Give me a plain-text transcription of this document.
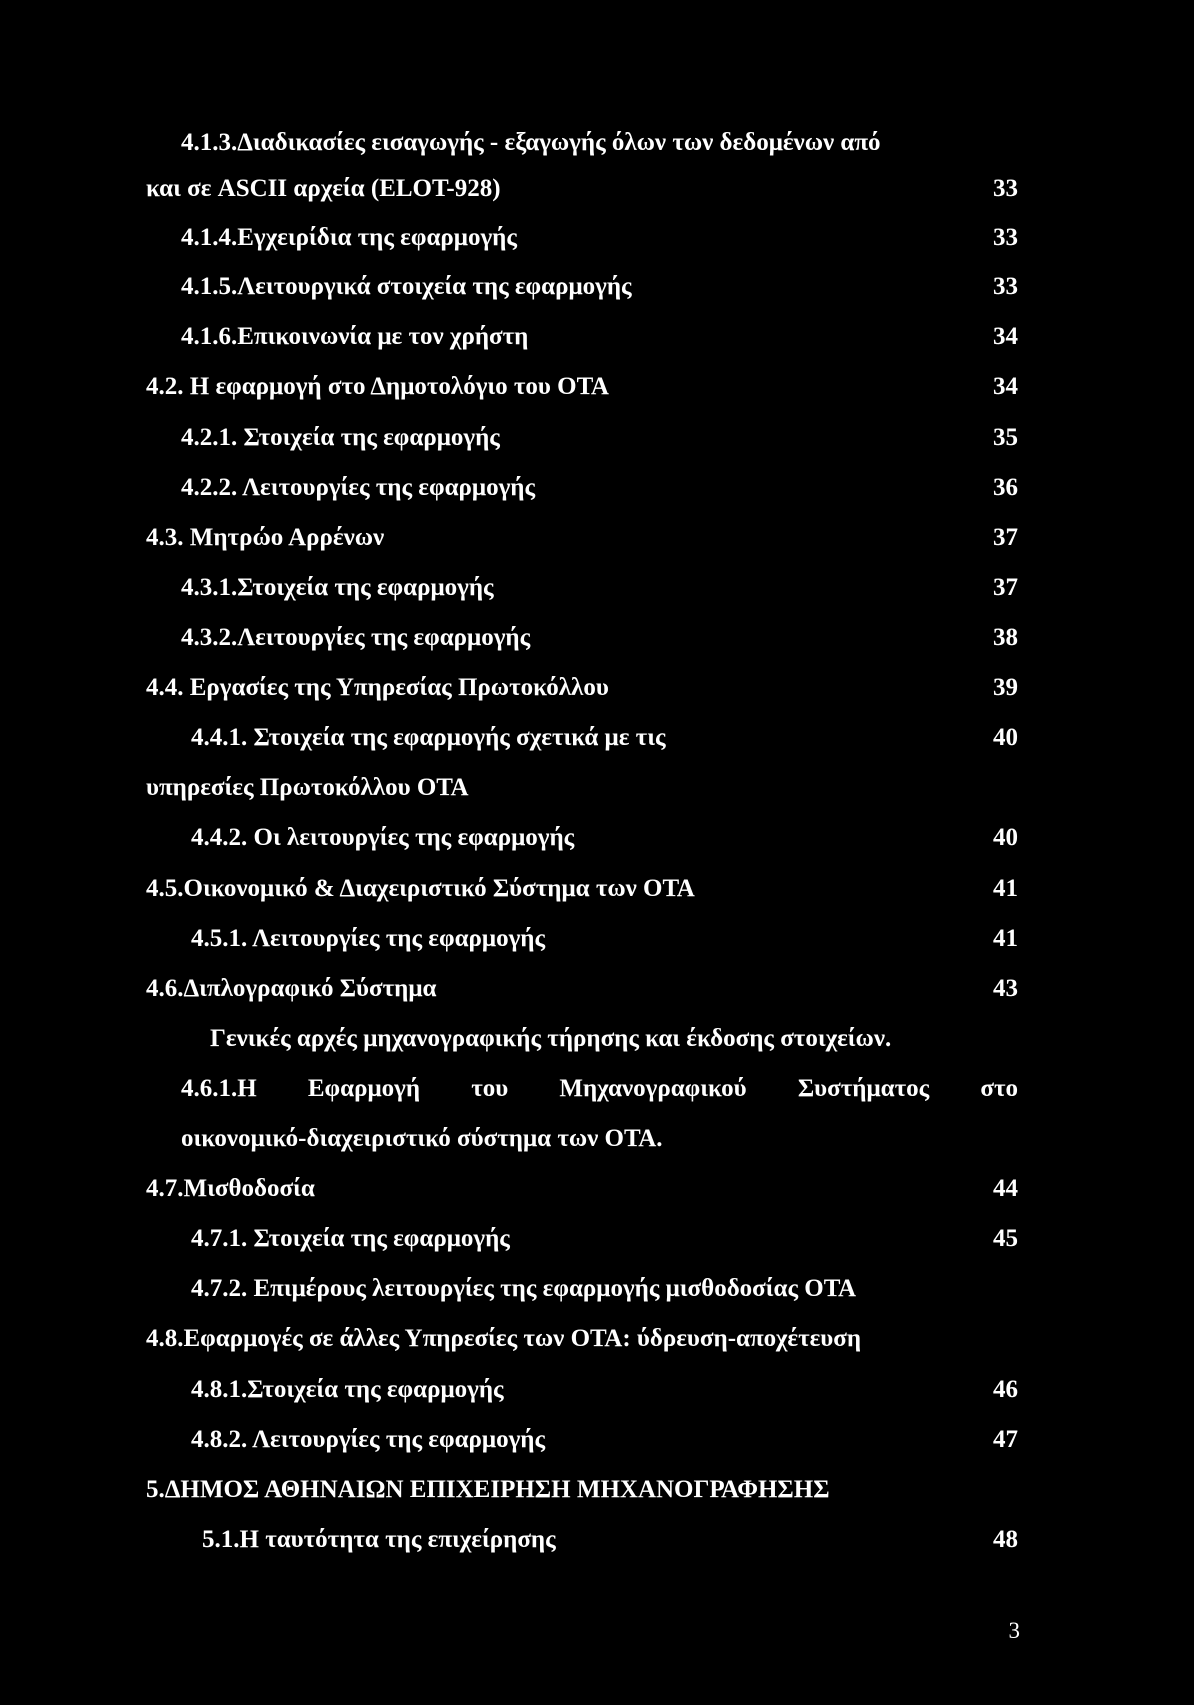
4.1.3.Διαδικασίες εισαγωγής - εξαγωγής όλων των δεδομένων από
και σε ASCII αρχεία (ELOT-928)	33
4.1.4.Εγχειρίδια της εφαρμογής	33
4.1.5.Λειτουργικά στοιχεία της εφαρμογής	33
4.1.6.Επικοινωνία με τον χρήστη	34
4.2. Η εφαρμογή στο Δημοτολόγιο του ΟΤΑ	34
4.2.1. Στοιχεία της εφαρμογής	35
4.2.2. Λειτουργίες της εφαρμογής	36
4.3. Μητρώο Αρρένων	37
4.3.1.Στοιχεία της εφαρμογής	37
4.3.2.Λειτουργίες της εφαρμογής	38
4.4. Εργασίες της Υπηρεσίας Πρωτοκόλλου	39
4.4.1. Στοιχεία της εφαρμογής σχετικά με τις	40
υπηρεσίες Πρωτοκόλλου ΟΤΑ
4.4.2. Οι λειτουργίες της εφαρμογής	40
4.5.Οικονομικό & Διαχειριστικό Σύστημα των ΟΤΑ	41
4.5.1. Λειτουργίες της εφαρμογής	41
4.6.Διπλογραφικό Σύστημα	43
Γενικές αρχές μηχανογραφικής τήρησης και έκδοσης στοιχείων.
4.6.1.Η Εφαρμογή του Μηχανογραφικού Συστήματος στο
οικονομικό-διαχειριστικό σύστημα των ΟΤΑ.
4.7.Μισθοδοσία	44
4.7.1. Στοιχεία της εφαρμογής	45
4.7.2. Επιμέρους λειτουργίες της εφαρμογής μισθοδοσίας ΟΤΑ
4.8.Εφαρμογές σε άλλες Υπηρεσίες των ΟΤΑ: ύδρευση-αποχέτευση
4.8.1.Στοιχεία της εφαρμογής	46
4.8.2. Λειτουργίες της εφαρμογής	47
5.ΔΗΜΟΣ ΑΘΗΝΑΙΩΝ ΕΠΙΧΕΙΡΗΣΗ ΜΗΧΑΝΟΓΡΑΦΗΣΗΣ
5.1.Η ταυτότητα της επιχείρησης	48
3
